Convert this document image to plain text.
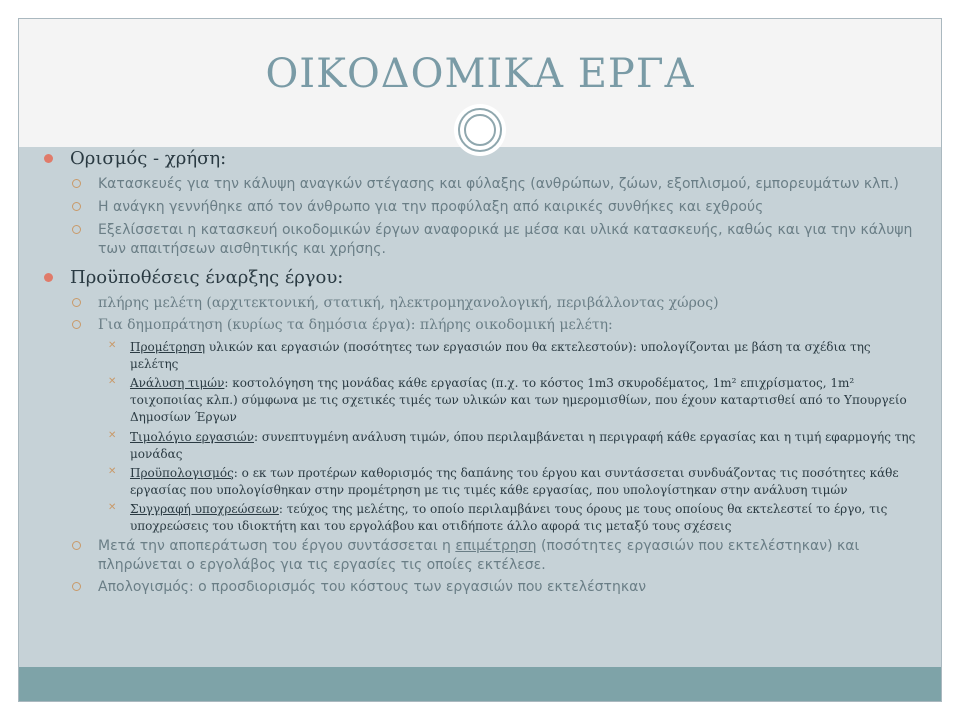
ΟΙΚΟΔΟΜΙΚΑ ΕΡΓΑ
Ορισμός - χρήση:
Κατασκευές για την κάλυψη αναγκών στέγασης και φύλαξης (ανθρώπων, ζώων, εξοπλισμού, εμπορευμάτων κλπ.)
Η ανάγκη γεννήθηκε από τον άνθρωπο για την προφύλαξη από καιρικές συνθήκες και εχθρούς
Εξελίσσεται η κατασκευή οικοδομικών έργων αναφορικά με μέσα και υλικά κατασκευής, καθώς και για την κάλυψη των απαιτήσεων αισθητικής και χρήσης.
Προϋποθέσεις έναρξης έργου:
πλήρης μελέτη (αρχιτεκτονική, στατική, ηλεκτρομηχανολογική, περιβάλλοντας χώρος)
Για δημοπράτηση (κυρίως τα δημόσια έργα): πλήρης οικοδομική μελέτη:
✕ Προμέτρηση υλικών και εργασιών (ποσότητες των εργασιών που θα εκτελεστούν): υπολογίζονται με βάση τα σχέδια της μελέτης
✕ Ανάλυση τιμών: κοστολόγηση της μονάδας κάθε εργασίας (π.χ. το κόστος 1m3 σκυροδέματος, 1m² επιχρίσματος, 1m² τοιχοποιίας κλπ.) σύμφωνα με τις σχετικές τιμές των υλικών και των ημερομισθίων, που έχουν καταρτισθεί από το Υπουργείο Δημοσίων Έργων
✕ Τιμολόγιο εργασιών: συνεπτυγμένη ανάλυση τιμών, όπου περιλαμβάνεται η περιγραφή κάθε εργασίας και η τιμή εφαρμογής της μονάδας
✕ Προϋπολογισμός: ο εκ των προτέρων καθορισμός της δαπάνης του έργου και συντάσσεται συνδυάζοντας τις ποσότητες κάθε εργασίας που υπολογίσθηκαν στην προμέτρηση με τις τιμές κάθε εργασίας, που υπολογίστηκαν στην ανάλυση τιμών
✕ Συγγραφή υποχρεώσεων: τεύχος της μελέτης, το οποίο περιλαμβάνει τους όρους με τους οποίους θα εκτελεστεί το έργο, τις υποχρεώσεις του ιδιοκτήτη και του εργολάβου και οτιδήποτε άλλο αφορά τις μεταξύ τους σχέσεις
Μετά την αποπεράτωση του έργου συντάσσεται η επιμέτρηση (ποσότητες εργασιών που εκτελέστηκαν) και πληρώνεται ο εργολάβος για τις εργασίες τις οποίες εκτέλεσε.
Απολογισμός: ο προσδιορισμός του κόστους των εργασιών που εκτελέστηκαν
